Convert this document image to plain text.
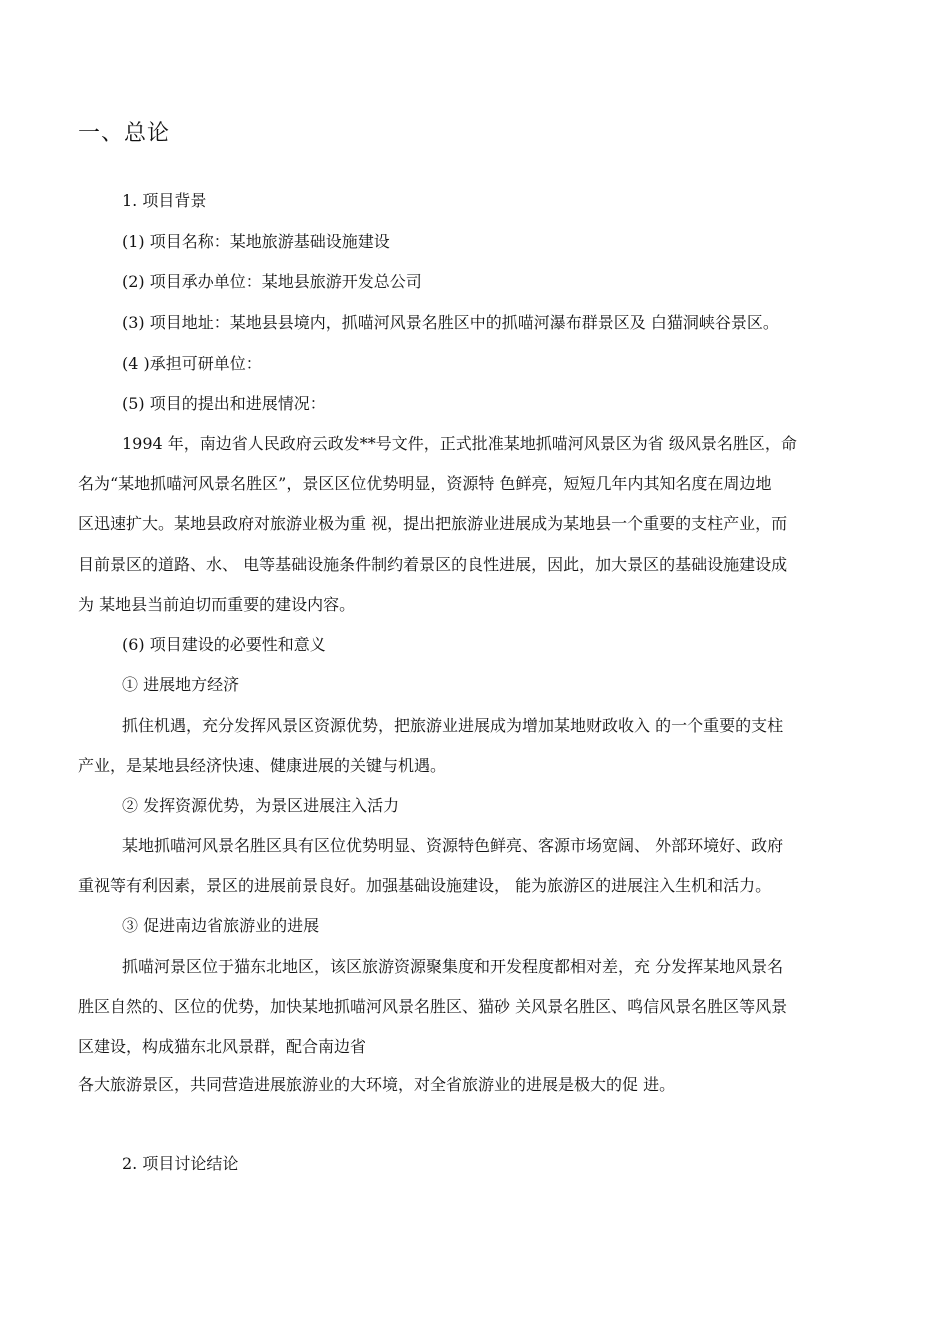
一、总论
1. 项目背景
(1) 项目名称：某地旅游基础设施建设
(2) 项目承办单位：某地县旅游开发总公司
(3) 项目地址：某地县县境内，抓喵河风景名胜区中的抓喵河瀑布群景区及 白猫洞峡谷景区。
(4 )承担可研单位：
(5) 项目的提出和进展情况：
1994 年，南边省人民政府云政发**号文件，正式批准某地抓喵河风景区为省 级风景名胜区，命
名为“某地抓喵河风景名胜区”，景区区位优势明显，资源特 色鲜亮，短短几年内其知名度在周边地
区迅速扩大。某地县政府对旅游业极为重 视，提出把旅游业进展成为某地县一个重要的支柱产业，而
目前景区的道路、水、 电等基础设施条件制约着景区的良性进展，因此，加大景区的基础设施建设成
为 某地县当前迫切而重要的建设内容。
(6) 项目建设的必要性和意义
① 进展地方经济
抓住机遇，充分发挥风景区资源优势，把旅游业进展成为增加某地财政收入 的一个重要的支柱
产业，是某地县经济快速、健康进展的关键与机遇。
② 发挥资源优势，为景区进展注入活力
某地抓喵河风景名胜区具有区位优势明显、资源特色鲜亮、客源市场宽阔、 外部环境好、政府
重视等有利因素，景区的进展前景良好。加强基础设施建设， 能为旅游区的进展注入生机和活力。
③ 促进南边省旅游业的进展
抓喵河景区位于猫东北地区，该区旅游资源聚集度和开发程度都相对差，充 分发挥某地风景名
胜区自然的、区位的优势，加快某地抓喵河风景名胜区、猫砂 关风景名胜区、鸣信风景名胜区等风景
区建设，构成猫东北风景群，配合南边省
各大旅游景区，共同营造进展旅游业的大环境，对全省旅游业的进展是极大的促 进。
2. 项目讨论结论
